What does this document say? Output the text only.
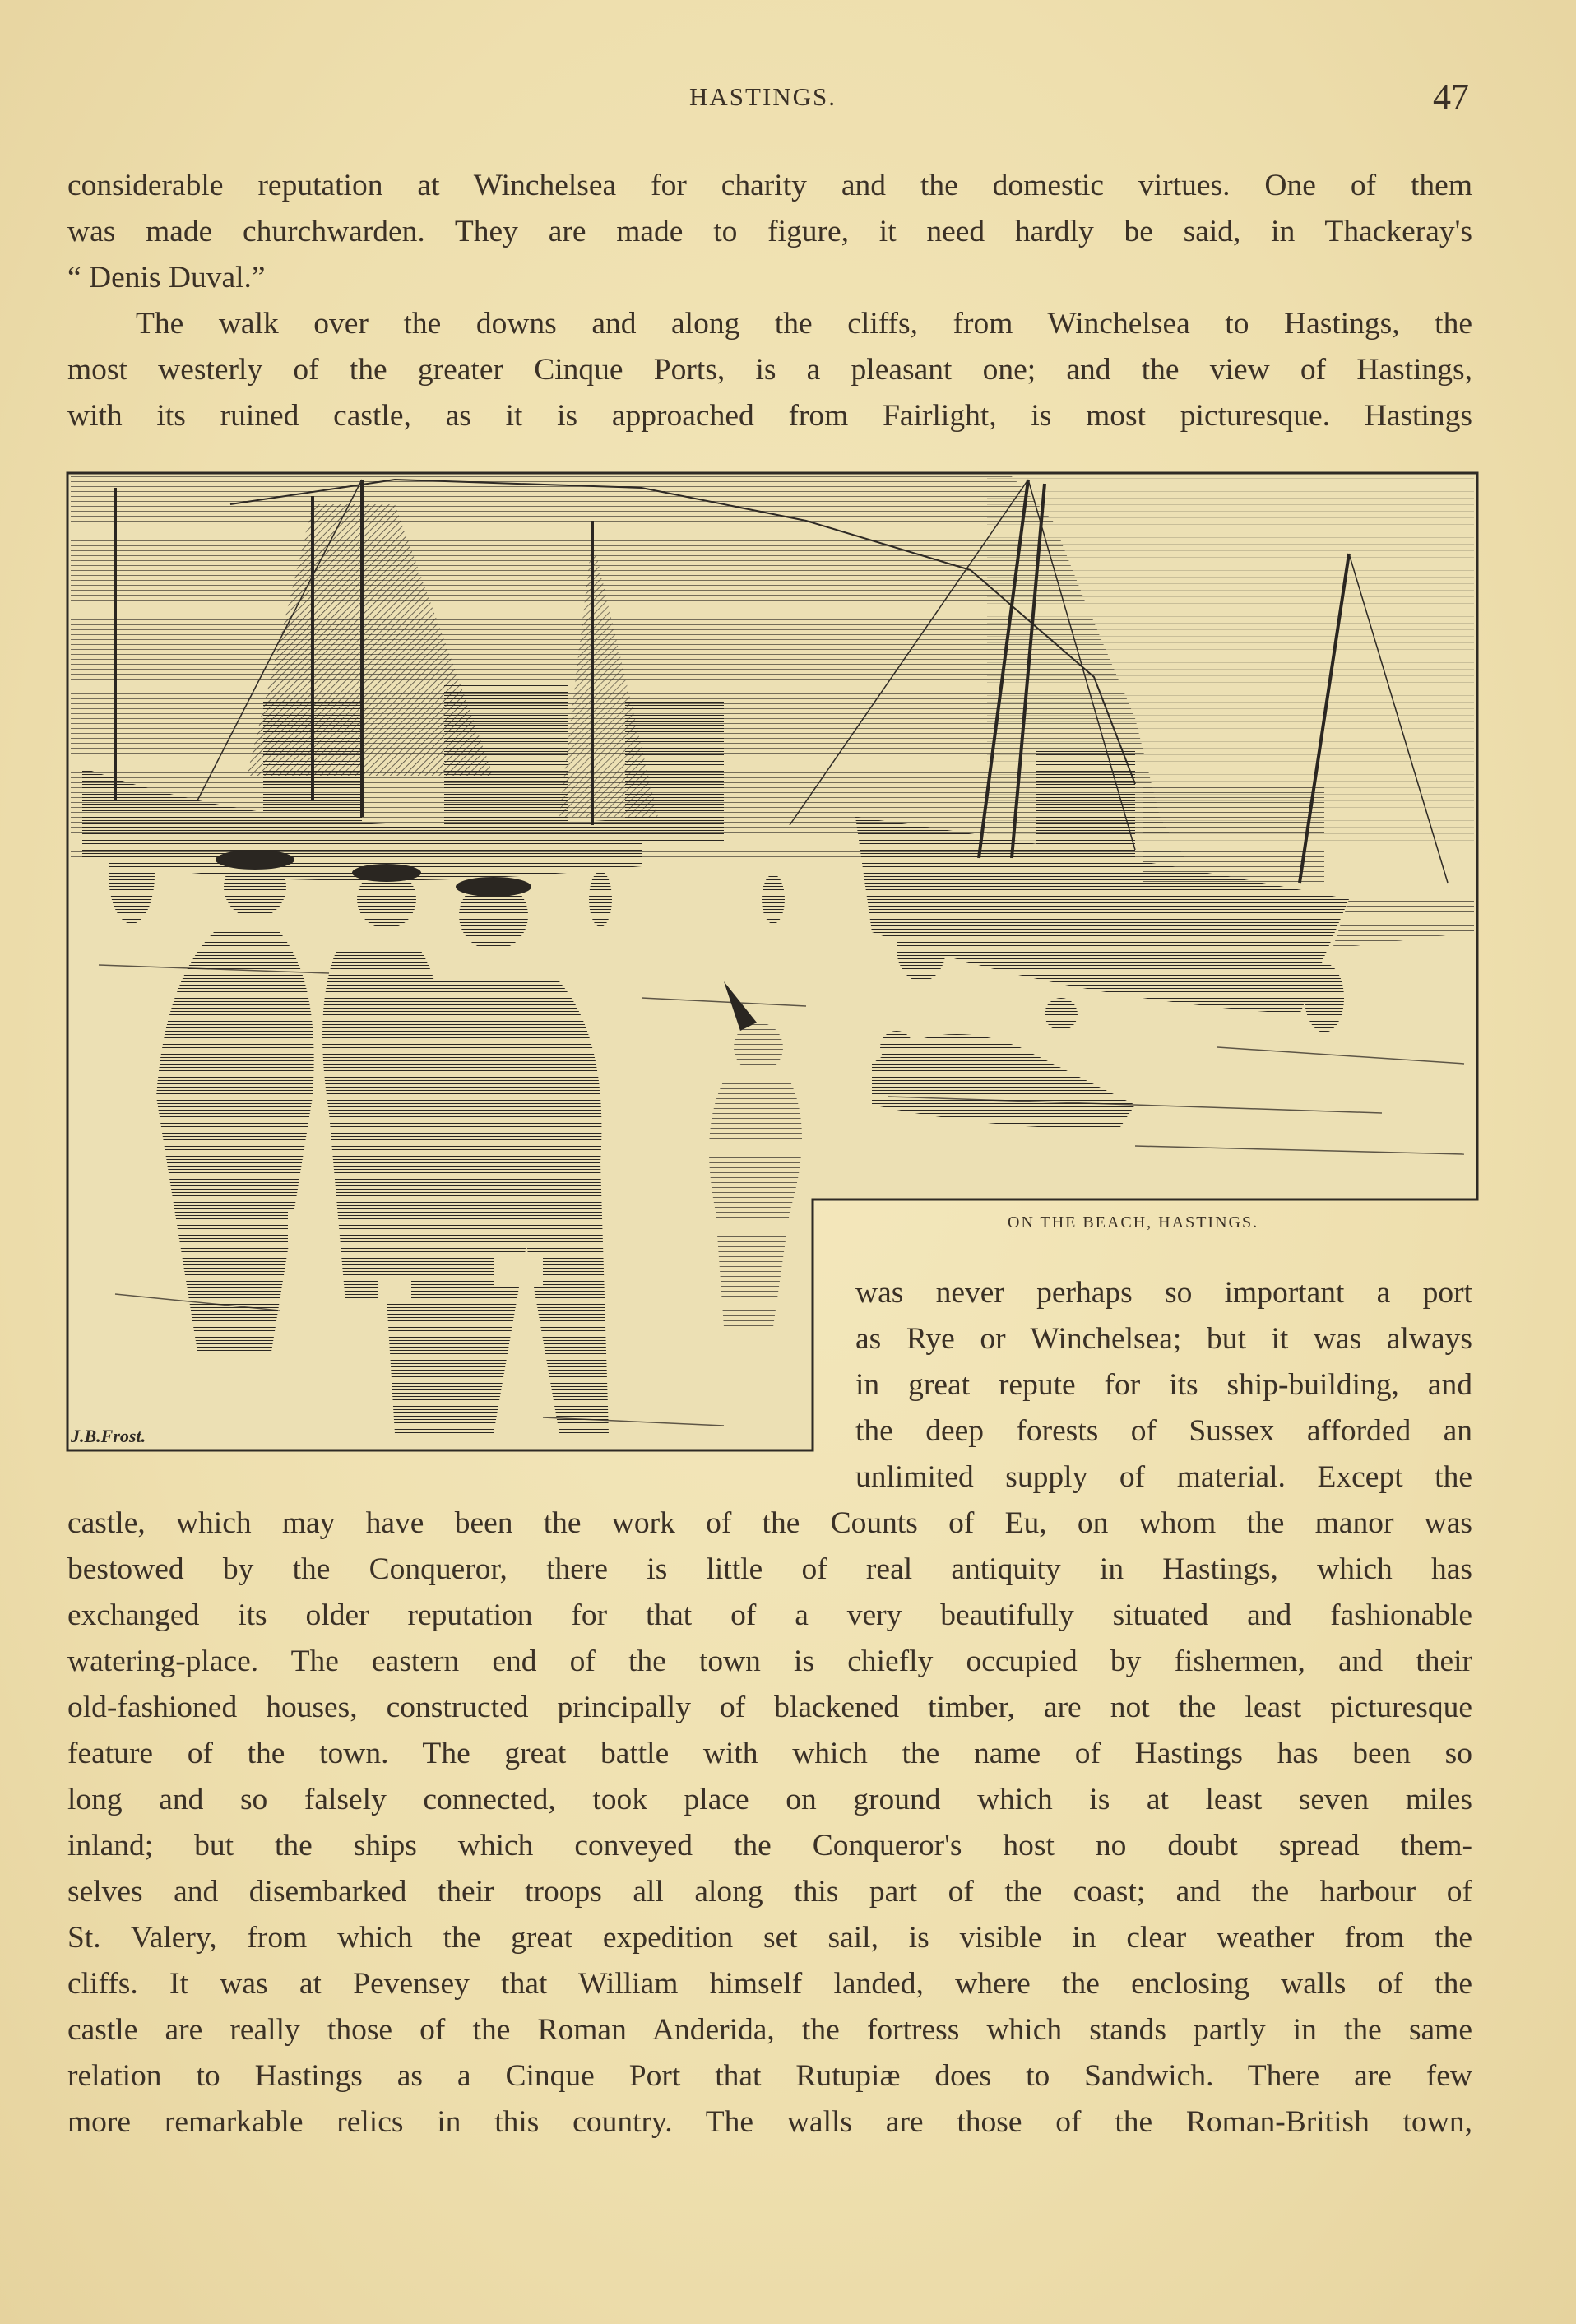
HASTINGS.	47
considerable reputation at Winchelsea for charity and the domestic virtues. One of them
was made churchwarden. They are made to figure, it need hardly be said, in Thackeray's
“ Denis Duval.”
The walk over the downs and along the cliffs, from Winchelsea to Hastings, the
most westerly of the greater Cinque Ports, is a pleasant one; and the view of Hastings,
with its ruined castle, as it is approached from Fairlight, is most picturesque. Hastings
ON THE BEACH, HASTINGS.
J.B.Frost.
was never perhaps so important a port
as Rye or Winchelsea; but it was always
in great repute for its ship-building, and
the deep forests of Sussex afforded an
unlimited supply of material. Except the
castle, which may have been the work of the Counts of Eu, on whom the manor was
bestowed by the Conqueror, there is little of real antiquity in Hastings, which has
exchanged its older reputation for that of a very beautifully situated and fashionable
watering-place. The eastern end of the town is chiefly occupied by fishermen, and their
old-fashioned houses, constructed principally of blackened timber, are not the least picturesque
feature of the town. The great battle with which the name of Hastings has been so
long and so falsely connected, took place on ground which is at least seven miles
inland; but the ships which conveyed the Conqueror's host no doubt spread them-
selves and disembarked their troops all along this part of the coast; and the harbour of
St. Valery, from which the great expedition set sail, is visible in clear weather from the
cliffs. It was at Pevensey that William himself landed, where the enclosing walls of the
castle are really those of the Roman Anderida, the fortress which stands partly in the same
relation to Hastings as a Cinque Port that Rutupiæ does to Sandwich. There are few
more remarkable relics in this country. The walls are those of the Roman-British town,
